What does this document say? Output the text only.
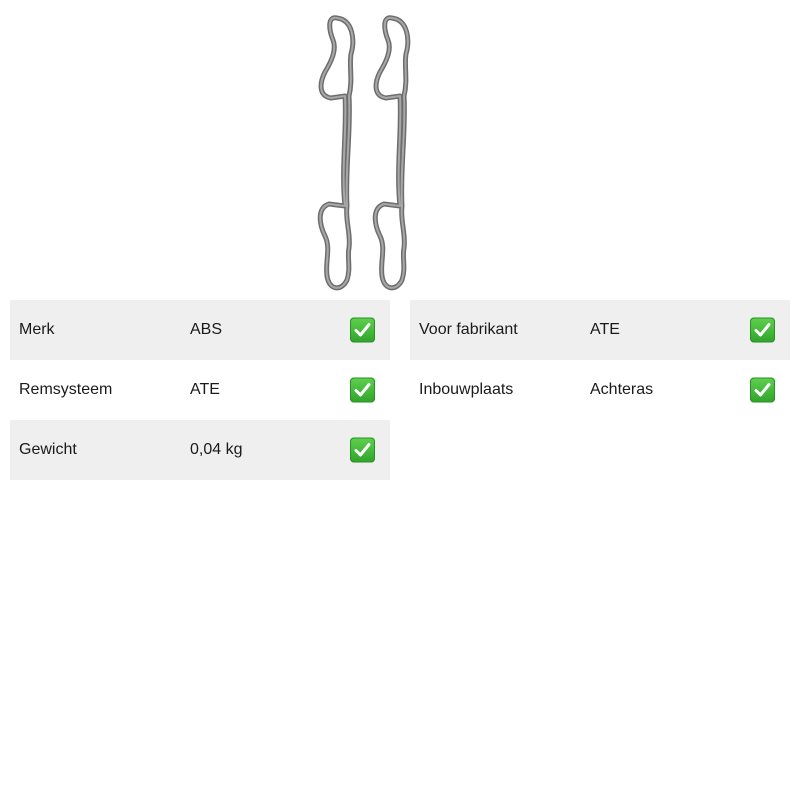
Merk	ABS
Remsysteem	ATE
Gewicht	0,04 kg
Voor fabrikant	ATE
Inbouwplaats	Achteras
